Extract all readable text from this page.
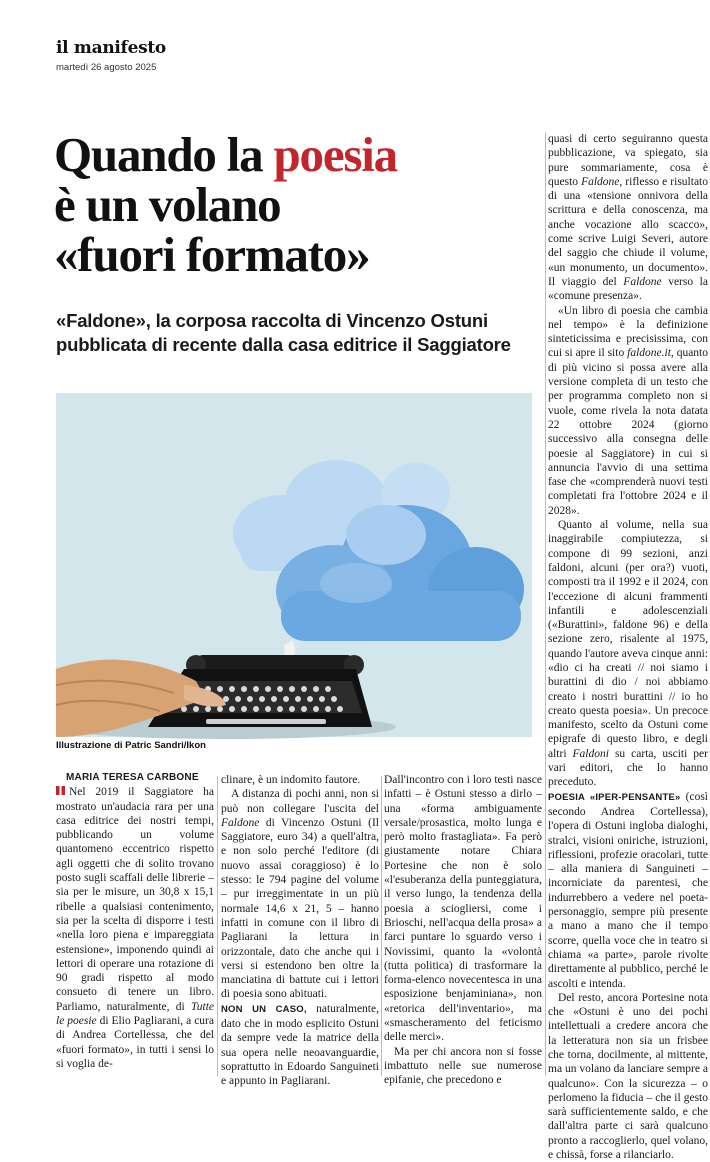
il manifesto
martedì 26 agosto 2025
Quando la poesia
è un volano
«fuori formato»
«Faldone», la corposa raccolta di Vincenzo Ostuni
pubblicata di recente dalla casa editrice il Saggiatore
Illustrazione di Patric Sandri/Ikon

MARIA TERESA CARBONE

Nel 2019 il Saggiatore ha mostrato un'audacia rara per una casa editrice dei nostri tempi, pubblicando un volume quantomeno eccentrico rispetto agli oggetti che di solito trovano posto sugli scaffali delle librerie – sia per le misure, un 30,8 x 15,1 ribelle a qualsiasi contenimento, sia per la scelta di disporre i testi «nella loro piena e impareggiata estensione», imponendo quindi ai lettori di operare una rotazione di 90 gradi rispetto al modo consueto di tenere un libro. Parliamo, naturalmente, di Tutte le poesie di Elio Pagliarani, a cura di Andrea Cortellessa, che del «fuori formato», in tutti i sensi lo si voglia de-

clinare, è un indomito fautore.

A distanza di pochi anni, non si può non collegare l'uscita del Faldone di Vincenzo Ostuni (Il Saggiatore, euro 34) a quell'altra, e non solo perché l'editore (di nuovo assai coraggioso) è lo stesso: le 794 pagine del volume – pur irreggimentate in un più normale 14,6 x 21, 5 – hanno infatti in comune con il libro di Pagliarani la lettura in orizzontale, dato che anche qui i versi si estendono ben oltre la manciatina di battute cui i lettori di poesia sono abituati.

NON UN CASO, naturalmente, dato che in modo esplicito Ostuni da sempre vede la matrice della sua opera nelle neoavanguardie, soprattutto in Edoardo Sanguineti e appunto in Pagliarani.

Dall'incontro con i loro testi nasce infatti – è Ostuni stesso a dirlo – una «forma ambiguamente versale/prosastica, molto lunga e però molto frastagliata». Fa però giustamente notare Chiara Portesine che non è solo «l'esuberanza della punteggiatura, il verso lungo, la tendenza della poesia a sciogliersi, come i Brioschi, nell'acqua della prosa» a farci puntare lo sguardo verso i Novissimi, quanto la «volontà (tutta politica) di trasformare la forma-elenco novecentesca in una esposizione benjaminiana», non «retorica dell'inventario», ma «smascheramento del feticismo delle merci».

Ma per chi ancora non si fosse imbattuto nelle sue numerose epifanie, che precedono e

quasi di certo seguiranno questa pubblicazione, va spiegato, sia pure sommariamente, cosa è questo Faldone, riflesso e risultato di una «tensione onnivora della scrittura e della conoscenza, ma anche vocazione allo scacco», come scrive Luigi Severi, autore del saggio che chiude il volume, «un monumento, un documento». Il viaggio del Faldone verso la «comune presenza».

«Un libro di poesia che cambia nel tempo» è la definizione sinteticissima e precisissima, con cui si apre il sito faldone.it, quanto di più vicino si possa avere alla versione completa di un testo che per programma completo non si vuole, come rivela la nota datata 22 ottobre 2024 (giorno successivo alla consegna delle poesie al Saggiatore) in cui si annuncia l'avvio di una settima fase che «comprenderà nuovi testi completati fra l'ottobre 2024 e il 2028».

Quanto al volume, nella sua inaggirabile compiutezza, si compone di 99 sezioni, anzi faldoni, alcuni (per ora?) vuoti, composti tra il 1992 e il 2024, con l'eccezione di alcuni frammenti infantili e adolescenziali («Burattini», faldone 96) e della sezione zero, risalente al 1975, quando l'autore aveva cinque anni: «dio ci ha creati // noi siamo i burattini di dio / noi abbiamo creato i nostri burattini // io ho creato questa poesia». Un precoce manifesto, scelto da Ostuni come epigrafe di questo libro, e degli altri Faldoni su carta, usciti per vari editori, che lo hanno preceduto.

POESIA «IPER-PENSANTE» (così secondo Andrea Cortellessa), l'opera di Ostuni ingloba dialoghi, stralci, visioni oniriche, istruzioni, riflessioni, profezie oracolari, tutte – alla maniera di Sanguineti – incorniciate da parentesi, che indurrebbero a vedere nel poeta-personaggio, sempre più presente a mano a mano che il tempo scorre, quella voce che in teatro si chiama «a parte», parole rivolte direttamente al pubblico, perché le ascolti e intenda.

Del resto, ancora Portesine nota che «Ostuni è uno dei pochi intellettuali a credere ancora che la letteratura non sia un frisbee che torna, docilmente, al mittente, ma un volano da lanciare sempre a qualcuno». Con la sicurezza – o perlomeno la fiducia – che il gesto sarà sufficientemente saldo, e che dall'altra parte ci sarà qualcuno pronto a raccoglierlo, quel volano, e chissà, forse a rilanciarlo.
